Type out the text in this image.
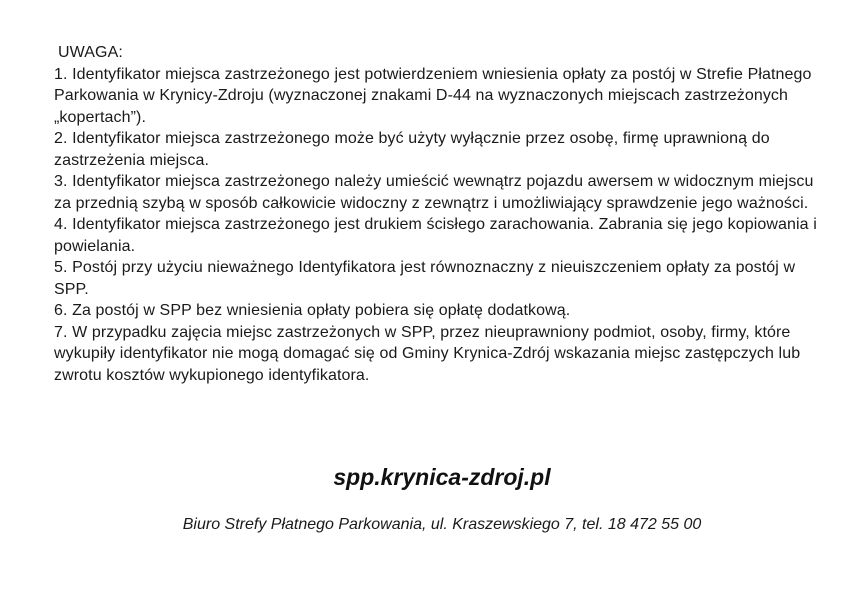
UWAGA:

1. Identyfikator miejsca zastrzeżonego jest potwierdzeniem wniesienia opłaty za postój w Strefie Płatnego Parkowania w Krynicy-Zdroju (wyznaczonej znakami D-44 na wyznaczonych miejscach zastrzeżonych „kopertach”).

2. Identyfikator miejsca zastrzeżonego może być użyty wyłącznie przez osobę, firmę uprawnioną do zastrzeżenia miejsca.

3. Identyfikator miejsca zastrzeżonego należy umieścić wewnątrz pojazdu awersem w widocznym miejscu za przednią szybą w sposób całkowicie widoczny z zewnątrz i umożliwiający sprawdzenie jego ważności.

4. Identyfikator miejsca zastrzeżonego jest drukiem ścisłego zarachowania. Zabrania się jego kopiowania i powielania.

5. Postój przy użyciu nieważnego Identyfikatora jest równoznaczny z nieuiszczeniem opłaty za postój w SPP.

6. Za postój w SPP bez wniesienia opłaty pobiera się opłatę dodatkową.

7. W przypadku zajęcia miejsc zastrzeżonych w SPP, przez nieuprawniony podmiot, osoby, firmy, które wykupiły identyfikator nie mogą domagać się od Gminy Krynica-Zdrój wskazania miejsc zastępczych lub zwrotu kosztów wykupionego identyfikatora.

spp.krynica-zdroj.pl
Biuro Strefy Płatnego Parkowania, ul. Kraszewskiego 7, tel. 18 472 55 00
